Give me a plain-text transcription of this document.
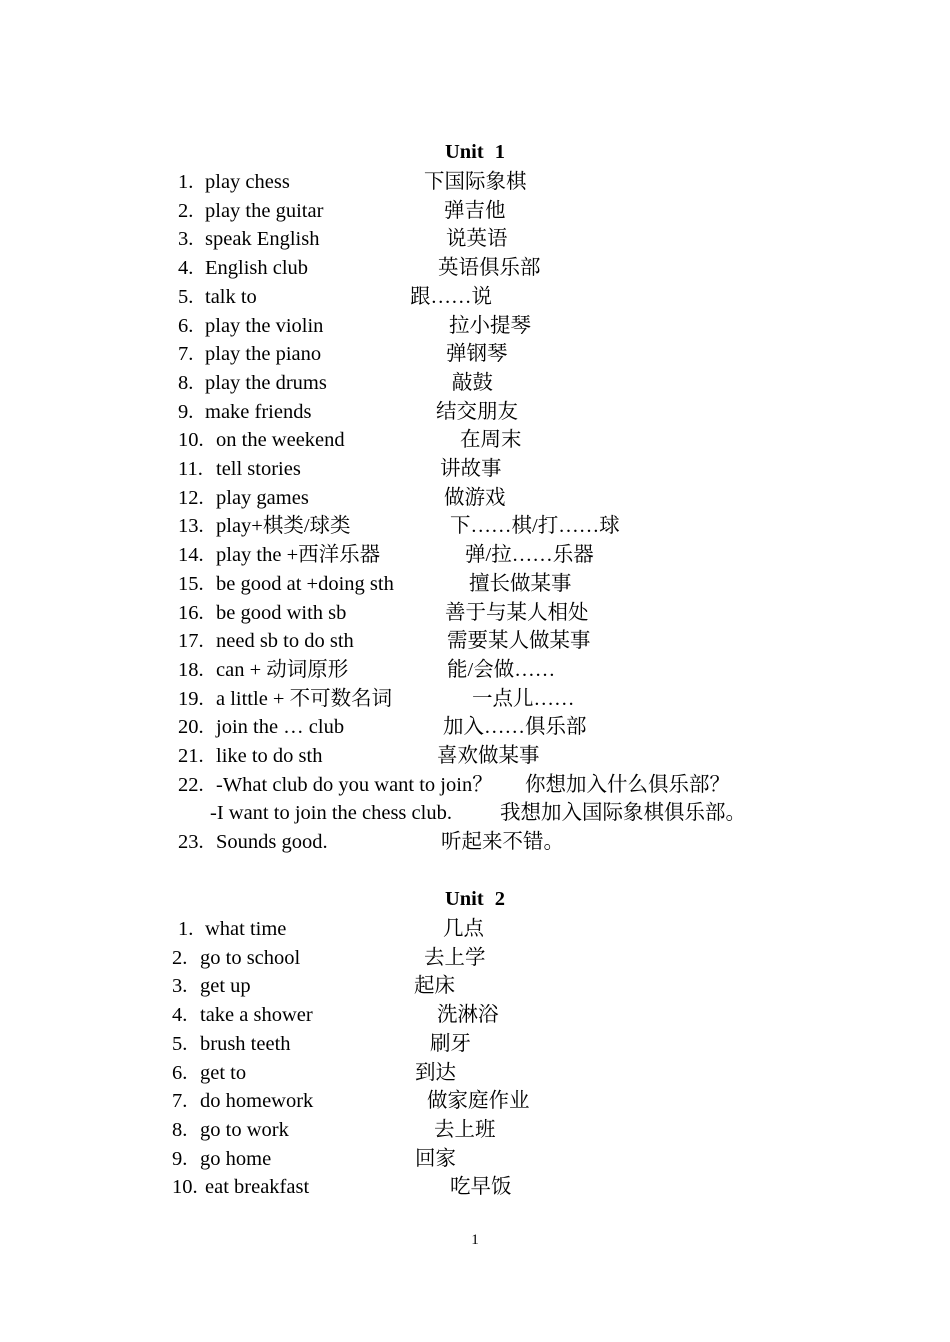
Unit 1
1. play chess	下国际象棋
2. play the guitar	弹吉他
3. speak English	说英语
4. English club	英语俱乐部
5. talk to	跟……说
6. play the violin	拉小提琴
7. play the piano	弹钢琴
8. play the drums	敲鼓
9. make friends	结交朋友
10. on the weekend	在周末
11. tell stories	讲故事
12. play games	做游戏
13. play+棋类/球类	下……棋/打……球
14. play the +西洋乐器	弹/拉……乐器
15. be good at +doing sth	擅长做某事
16. be good with sb	善于与某人相处
17. need sb to do sth	需要某人做某事
18. can + 动词原形	能/会做……
19. a little + 不可数名词	一点儿……
20. join the … club	加入……俱乐部
21. like to do sth	喜欢做某事
22. -What club do you want to join？ 你想加入什么俱乐部？
-I want to join the chess club. 我想加入国际象棋俱乐部。
23. Sounds good.	听起来不错。
Unit 2
1. what time	几点
2. go to school	去上学
3. get up	起床
4. take a shower	洗淋浴
5. brush teeth	刷牙
6. get to	到达
7. do homework	做家庭作业
8. go to work	去上班
9. go home	回家
10. eat breakfast	吃早饭
1
